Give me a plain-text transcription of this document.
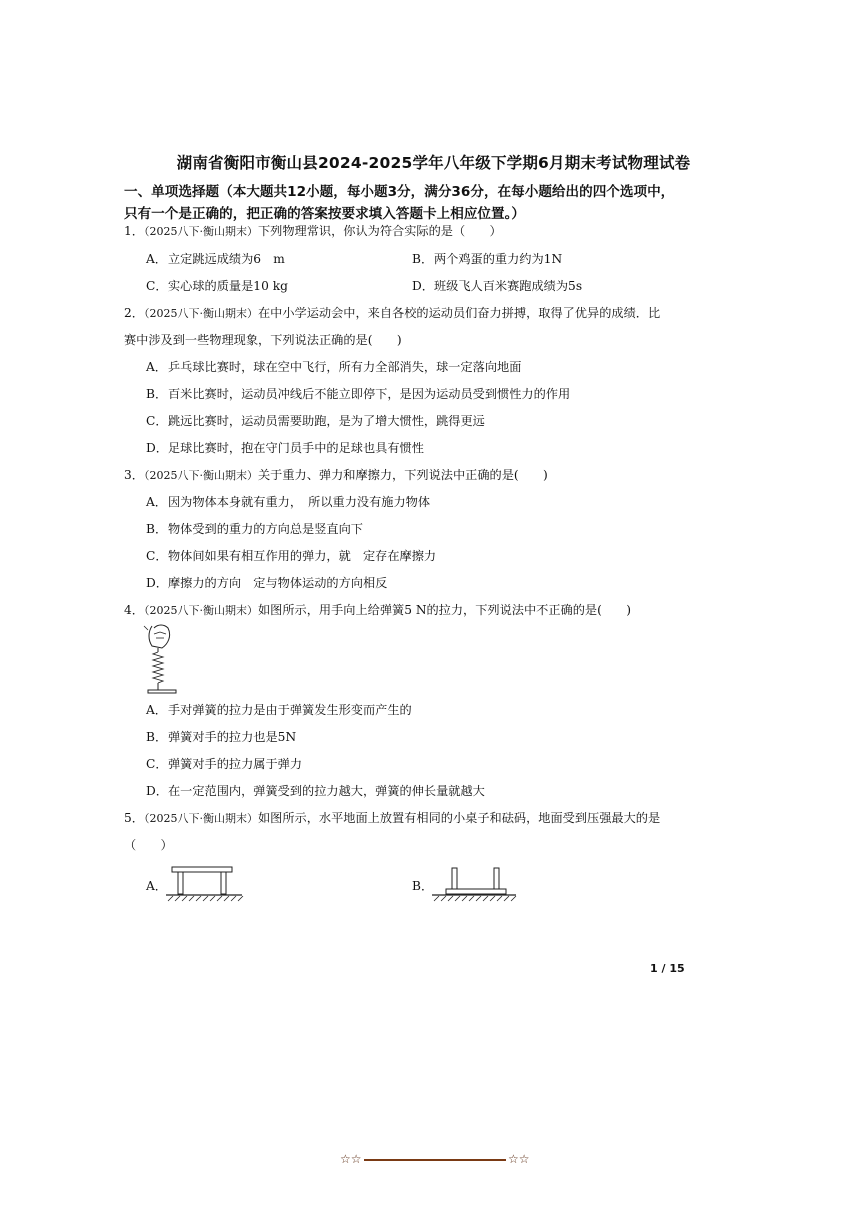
湖南省衡阳市衡山县2024-2025学年八年级下学期6月期末考试物理试卷
一、单项选择题（本大题共12小题，每小题3分，满分36分，在每小题给出的四个选项中，
只有一个是正确的，把正确的答案按要求填入答题卡上相应位置。）
1．（2025八下·衡山期末）下列物理常识，你认为符合实际的是（　　）
A．立定跳远成绩为6　m	B．两个鸡蛋的重力约为1N
C．实心球的质量是10 kg	D．班级飞人百米赛跑成绩为5s
2．（2025八下·衡山期末）在中小学运动会中，来自各校的运动员们奋力拼搏，取得了优异的成绩．比
赛中涉及到一些物理现象，下列说法正确的是(　　)
A．乒乓球比赛时，球在空中飞行，所有力全部消失，球一定落向地面
B．百米比赛时，运动员冲线后不能立即停下，是因为运动员受到惯性力的作用
C．跳远比赛时，运动员需要助跑，是为了增大惯性，跳得更远
D．足球比赛时，抱在守门员手中的足球也具有惯性
3．（2025八下·衡山期末）关于重力、弹力和摩擦力，下列说法中正确的是(　　)
A．因为物体本身就有重力，　所以重力没有施力物体
B．物体受到的重力的方向总是竖直向下
C．物体间如果有相互作用的弹力，就　定存在摩擦力
D．摩擦力的方向　定与物体运动的方向相反
4．（2025八下·衡山期末）如图所示，用手向上给弹簧5 N的拉力，下列说法中不正确的是(　　)
A．手对弹簧的拉力是由于弹簧发生形变而产生的
B．弹簧对手的拉力也是5N
C．弹簧对手的拉力属于弹力
D．在一定范围内，弹簧受到的拉力越大，弹簧的伸长量就越大
5．（2025八下·衡山期末）如图所示，水平地面上放置有相同的小桌子和砝码，地面受到压强最大的是
（　　）
A．	B．
1 / 15
☆☆	☆☆
